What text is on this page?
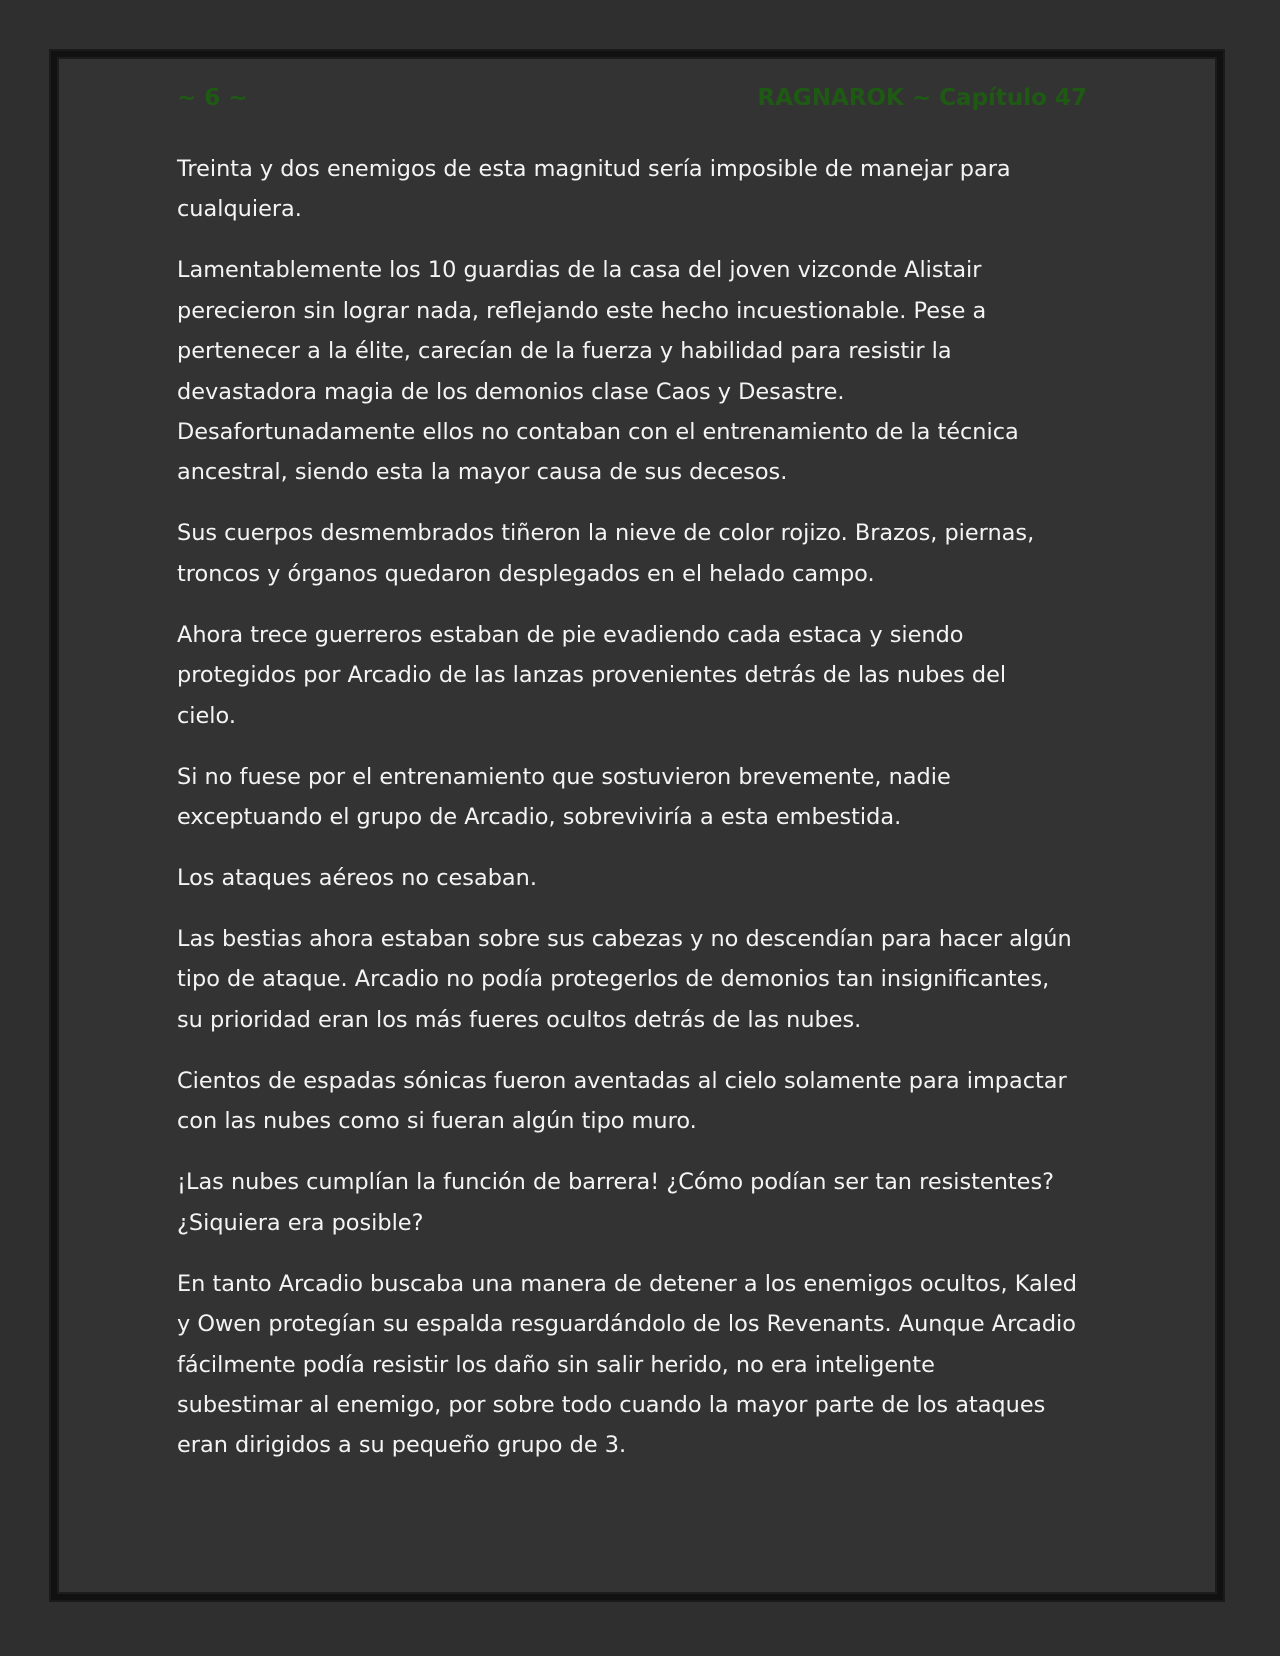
~ 6 ~	RAGNAROK ~ Capítulo 47

Treinta y dos enemigos de esta magnitud sería imposible de manejar para
cualquiera.

Lamentablemente los 10 guardias de la casa del joven vizconde Alistair
perecieron sin lograr nada, reflejando este hecho incuestionable. Pese a
pertenecer a la élite, carecían de la fuerza y habilidad para resistir la
devastadora magia de los demonios clase Caos y Desastre.
Desafortunadamente ellos no contaban con el entrenamiento de la técnica
ancestral, siendo esta la mayor causa de sus decesos.

Sus cuerpos desmembrados tiñeron la nieve de color rojizo. Brazos, piernas,
troncos y órganos quedaron desplegados en el helado campo.

Ahora trece guerreros estaban de pie evadiendo cada estaca y siendo
protegidos por Arcadio de las lanzas provenientes detrás de las nubes del
cielo.

Si no fuese por el entrenamiento que sostuvieron brevemente, nadie
exceptuando el grupo de Arcadio, sobreviviría a esta embestida.

Los ataques aéreos no cesaban.

Las bestias ahora estaban sobre sus cabezas y no descendían para hacer algún
tipo de ataque. Arcadio no podía protegerlos de demonios tan insignificantes,
su prioridad eran los más fueres ocultos detrás de las nubes.

Cientos de espadas sónicas fueron aventadas al cielo solamente para impactar
con las nubes como si fueran algún tipo muro.

¡Las nubes cumplían la función de barrera! ¿Cómo podían ser tan resistentes?
¿Siquiera era posible?

En tanto Arcadio buscaba una manera de detener a los enemigos ocultos, Kaled
y Owen protegían su espalda resguardándolo de los Revenants. Aunque Arcadio
fácilmente podía resistir los daño sin salir herido, no era inteligente
subestimar al enemigo, por sobre todo cuando la mayor parte de los ataques
eran dirigidos a su pequeño grupo de 3.
